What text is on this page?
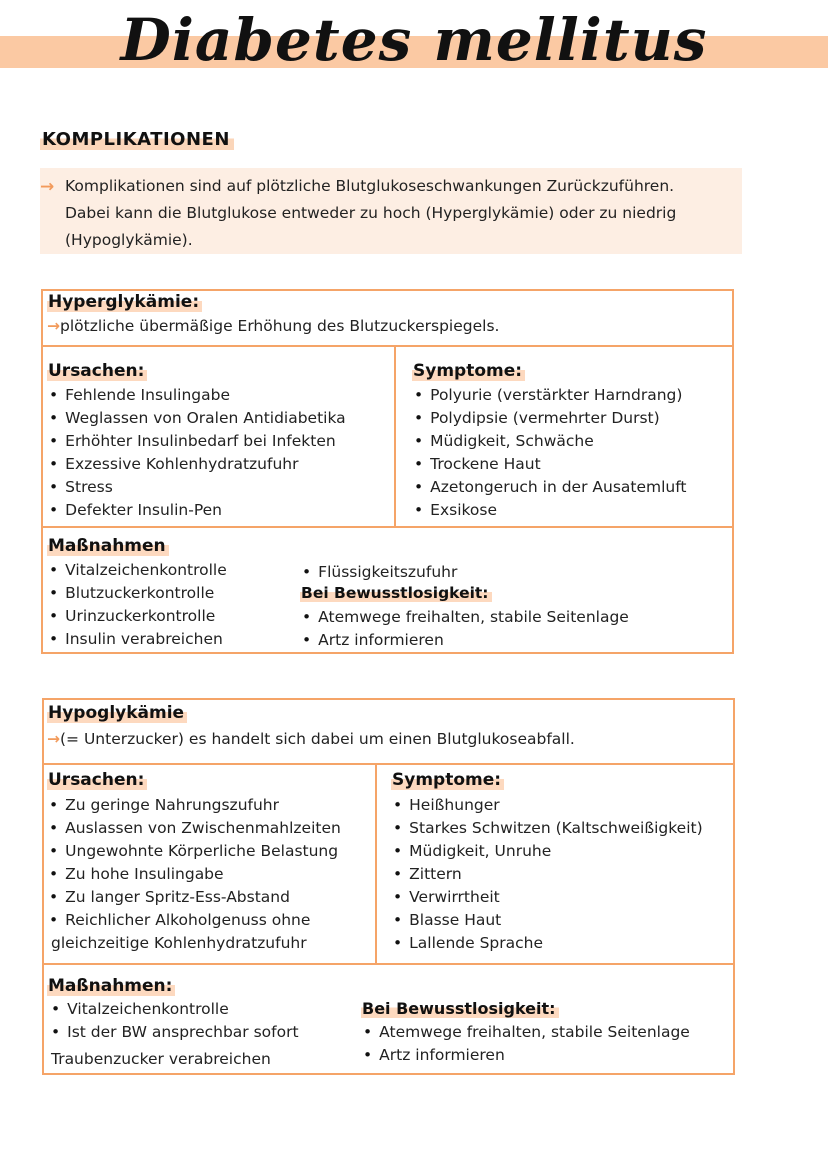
Diabetes mellitus
KOMPLIKATIONEN
→ Komplikationen sind auf plötzliche Blutglukoseschwankungen Zurückzuführen.
Dabei kann die Blutglukose entweder zu hoch (Hyperglykämie) oder zu niedrig
(Hypoglykämie).
Hyperglykämie:
→plötzliche übermäßige Erhöhung des Blutzuckerspiegels.
Ursachen:
• Fehlende Insulingabe
• Weglassen von Oralen Antidiabetika
• Erhöhter Insulinbedarf bei Infekten
• Exzessive Kohlenhydratzufuhr
• Stress
• Defekter Insulin-Pen
Symptome:
• Polyurie (verstärkter Harndrang)
• Polydipsie (vermehrter Durst)
• Müdigkeit, Schwäche
• Trockene Haut
• Azetongeruch in der Ausatemluft
• Exsikose
Maßnahmen
• Vitalzeichenkontrolle
• Blutzuckerkontrolle
• Urinzuckerkontrolle
• Insulin verabreichen
• Flüssigkeitszufuhr
Bei Bewusstlosigkeit:
• Atemwege freihalten, stabile Seitenlage
• Artz informieren
Hypoglykämie
→(= Unterzucker) es handelt sich dabei um einen Blutglukoseabfall.
Ursachen:
• Zu geringe Nahrungszufuhr
• Auslassen von Zwischenmahlzeiten
• Ungewohnte Körperliche Belastung
• Zu hohe Insulingabe
• Zu langer Spritz-Ess-Abstand
• Reichlicher Alkoholgenuss ohne
gleichzeitige Kohlenhydratzufuhr
Symptome:
• Heißhunger
• Starkes Schwitzen (Kaltschweißigkeit)
• Müdigkeit, Unruhe
• Zittern
• Verwirrtheit
• Blasse Haut
• Lallende Sprache
Maßnahmen:
• Vitalzeichenkontrolle
• Ist der BW ansprechbar sofort
Traubenzucker verabreichen
Bei Bewusstlosigkeit:
• Atemwege freihalten, stabile Seitenlage
• Artz informieren
